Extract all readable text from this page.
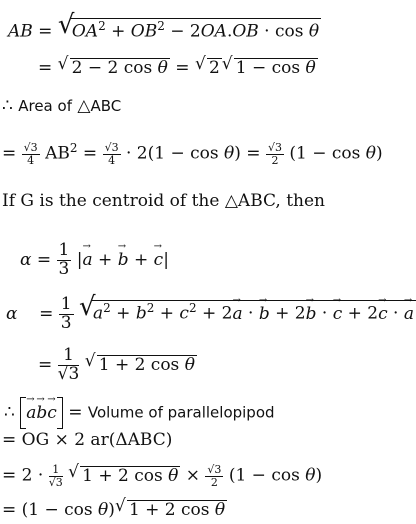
AB = √ $OA^2 + OB^2 - 2OA.OB \cdot \cos \theta$
= √ 2 − 2 cos θ = √ 2 √ 1 − cos θ
∴ Area of △ABC
= $\frac{√3}{4} AB^2 = \frac{√3}{4} \cdot 2(1 - \cos \theta) = \frac{√3}{2} (1 - \cos \theta)$
If G is the centroid of the △ABC, then
$\alpha = \frac{1}{3} |a$ → + b → + c →|
α    = $\frac{1}{3}$ √ $a^2 + b^2 + c^2 + 2a$ → · b → + 2b → · c → + 2c → · a →
= $\frac{1}{√3}$ √ 1 + 2 cos θ
∴ a →b →c → = Volume of parallelopipod
= OG × 2 ar(ΔABC)
= $2 \cdot \frac{1}{√3}$ √ 1 + 2 $\cos \theta \times \frac{√3}{2} (1 - \cos \theta)$
= (1 − cos θ) √ 1 + 2 cos θ
